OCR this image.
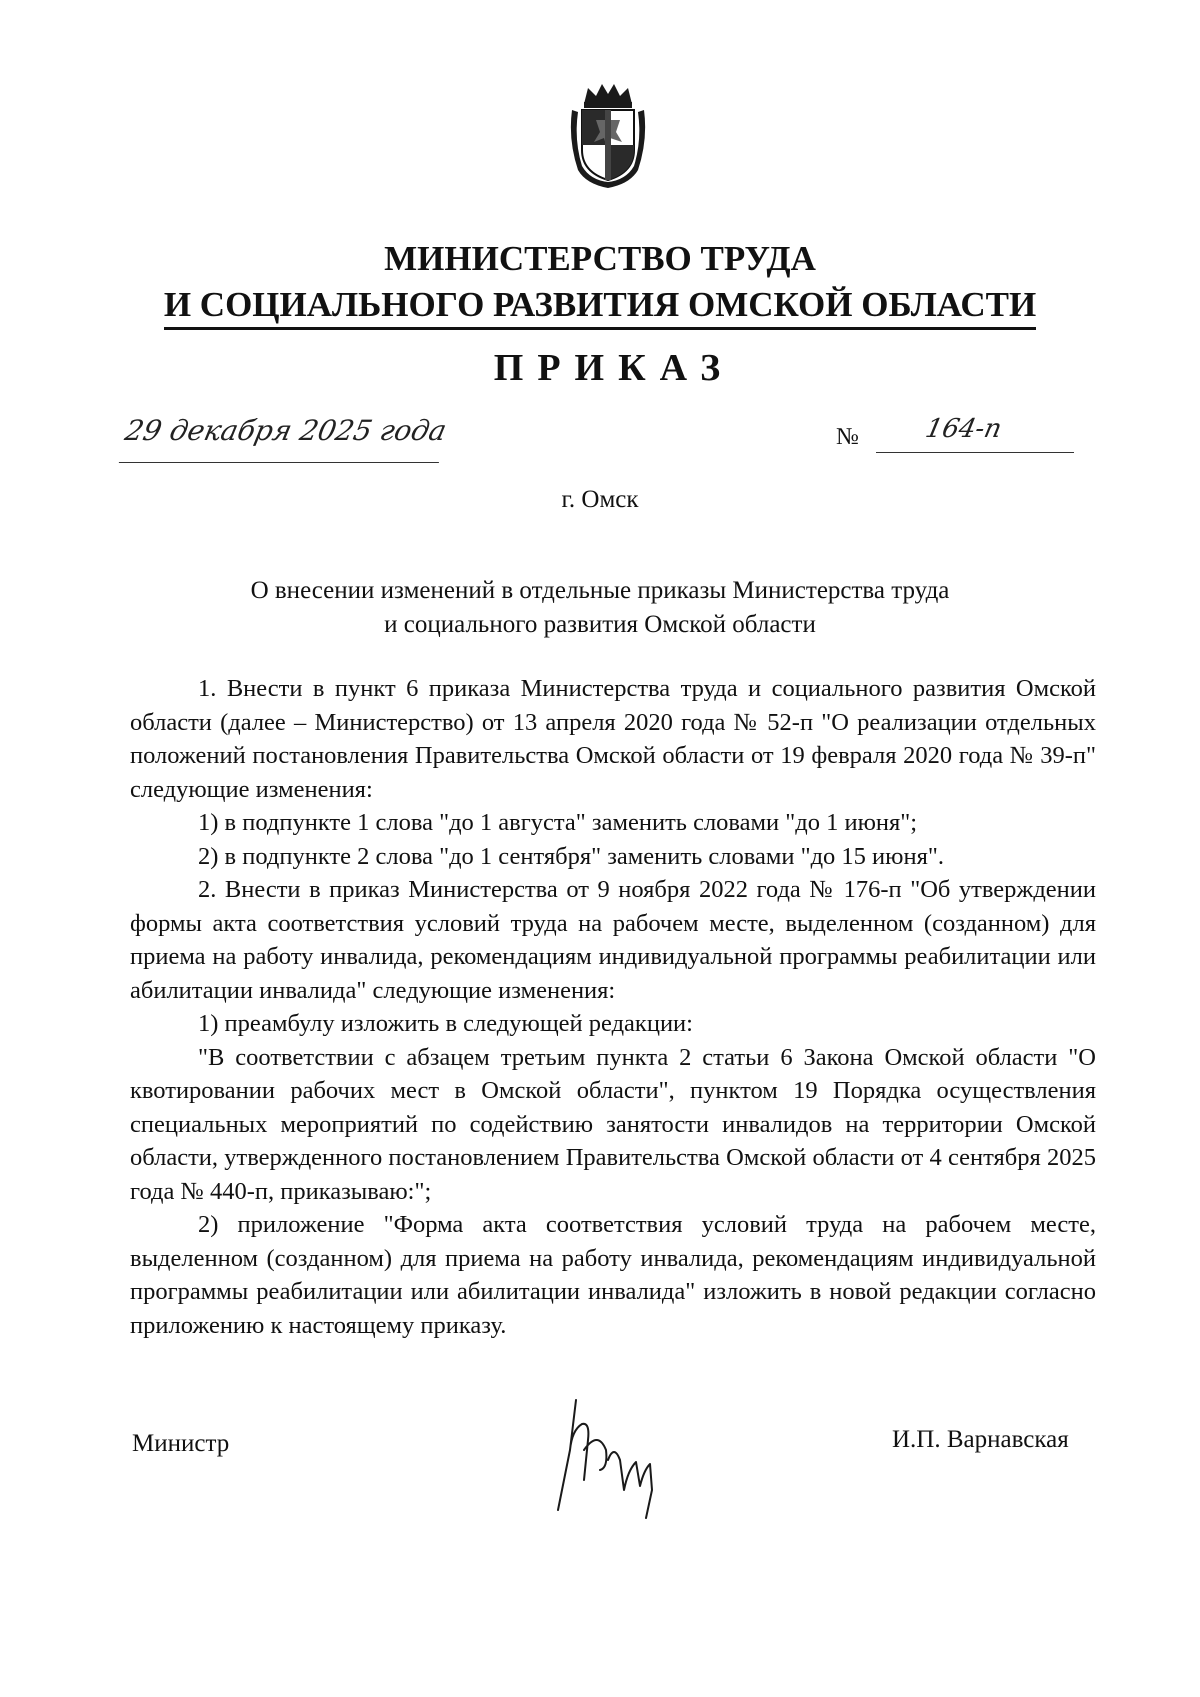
МИНИСТЕРСТВО ТРУДА
И СОЦИАЛЬНОГО РАЗВИТИЯ ОМСКОЙ ОБЛАСТИ
ПРИКАЗ
29 декабря 2025 года	№ 164-п
г. Омск
О внесении изменений в отдельные приказы Министерства труда
и социального развития Омской области

1. Внести в пункт 6 приказа Министерства труда и социального развития Омской области (далее – Министерство) от 13 апреля 2020 года № 52-п "О реализации отдельных положений постановления Правительства Омской области от 19 февраля 2020 года № 39-п" следующие изменения:

1) в подпункте 1 слова "до 1 августа" заменить словами "до 1 июня";

2) в подпункте 2 слова "до 1 сентября" заменить словами "до 15 июня".

2. Внести в приказ Министерства от 9 ноября 2022 года № 176-п "Об утверждении формы акта соответствия условий труда на рабочем месте, выделенном (созданном) для приема на работу инвалида, рекомендациям индивидуальной программы реабилитации или абилитации инвалида" следующие изменения:

1) преамбулу изложить в следующей редакции:

"В соответствии с абзацем третьим пункта 2 статьи 6 Закона Омской области "О квотировании рабочих мест в Омской области", пунктом 19 Порядка осуществления специальных мероприятий по содействию занятости инвалидов на территории Омской области, утвержденного постановлением Правительства Омской области от 4 сентября 2025 года № 440-п, приказываю:";

2) приложение "Форма акта соответствия условий труда на рабочем месте, выделенном (созданном) для приема на работу инвалида, рекомендациям индивидуальной программы реабилитации или абилитации инвалида" изложить в новой редакции согласно приложению к настоящему приказу.

Министр	И.П. Варнавская
